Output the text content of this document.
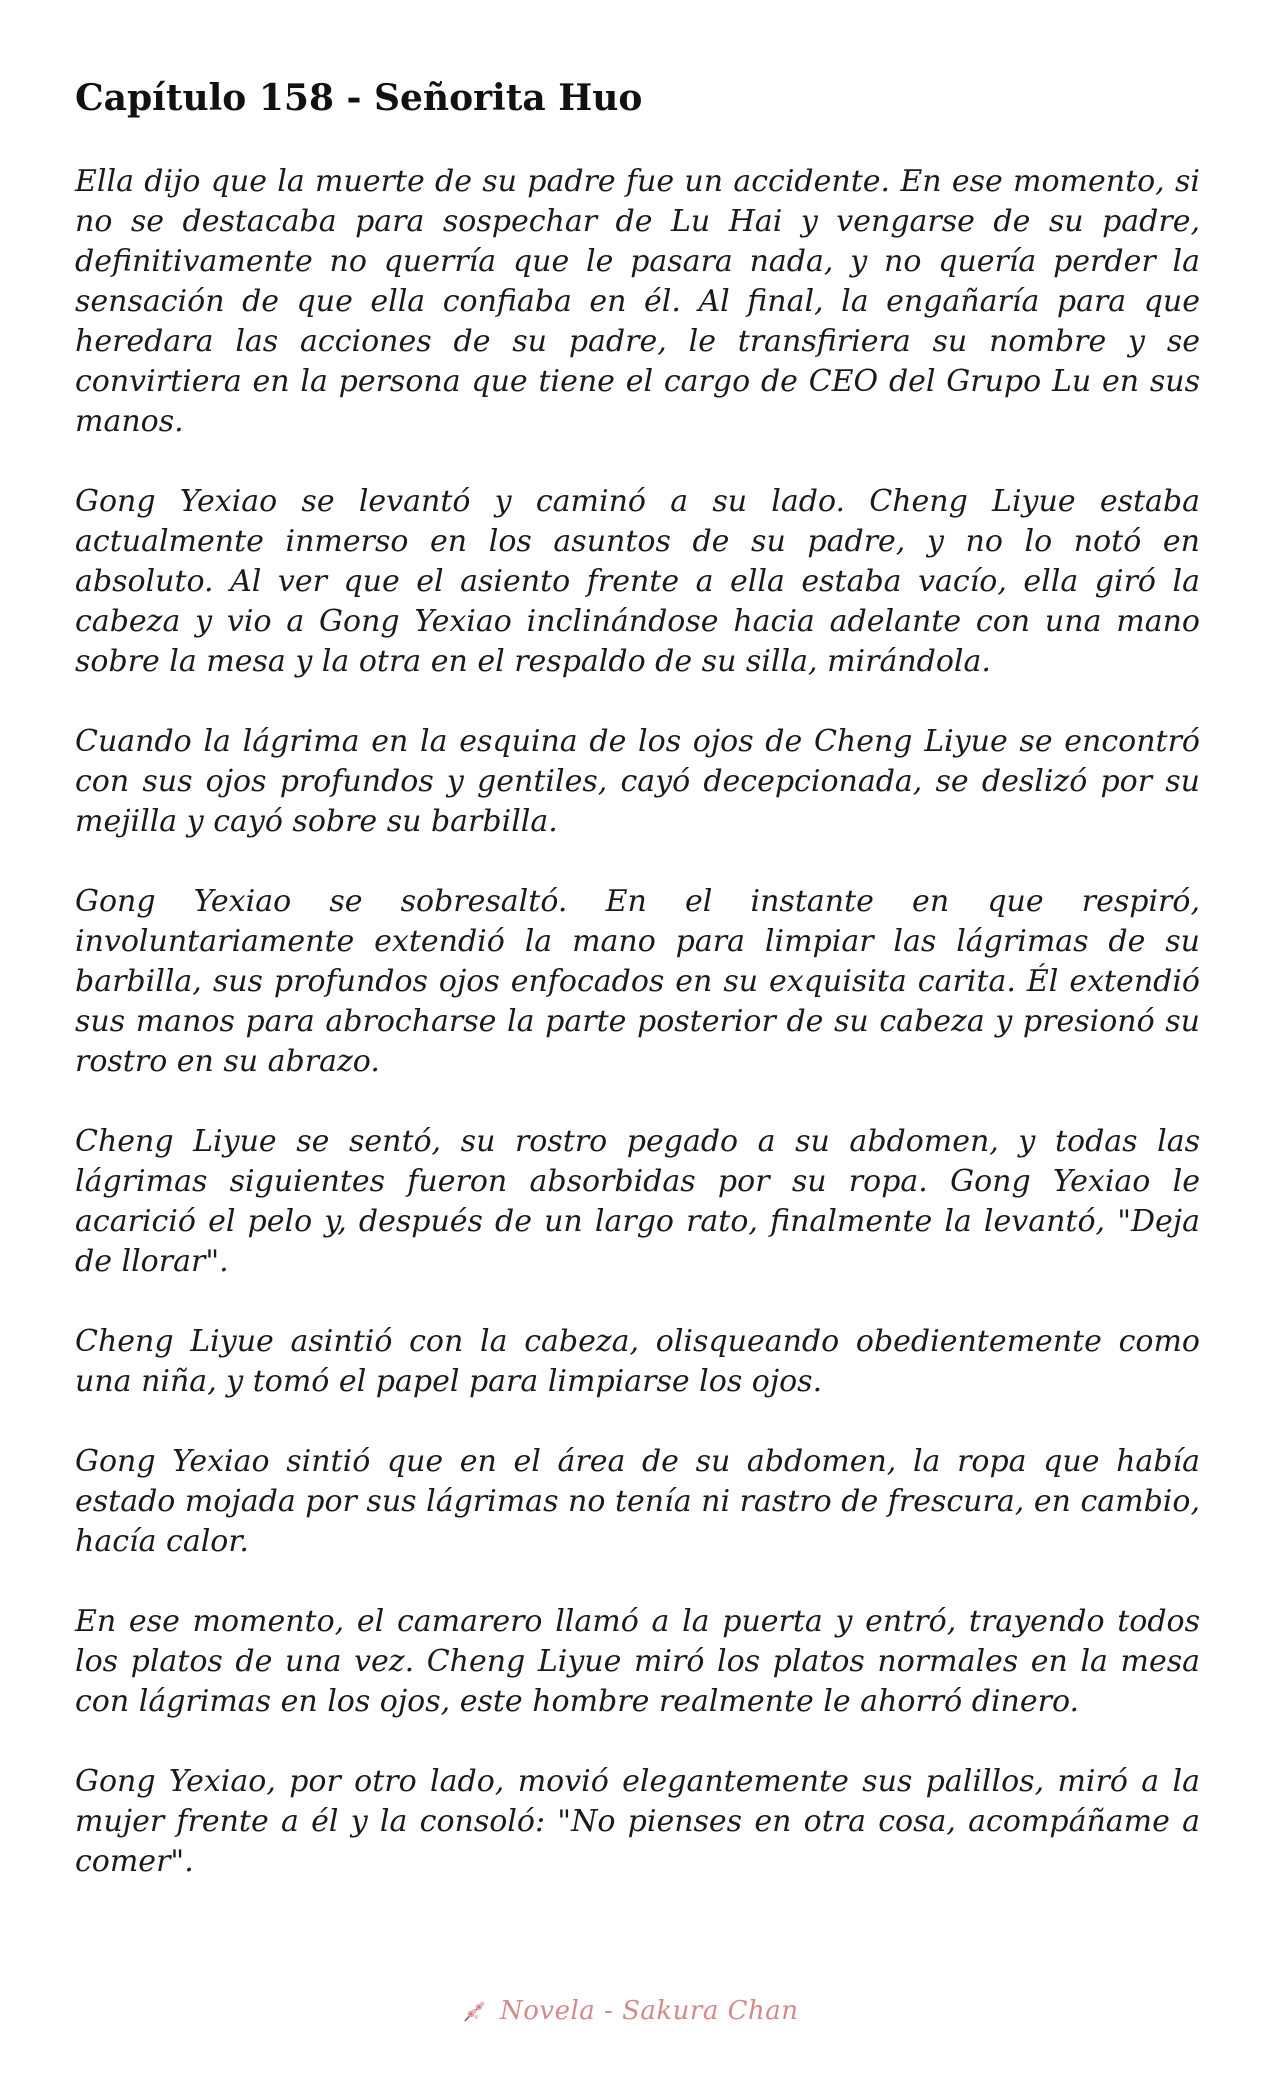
Capítulo 158 - Señorita Huo

Ella dijo que la muerte de su padre fue un accidente. En ese momento, si no se destacaba para sospechar de Lu Hai y vengarse de su padre, definitivamente no querría que le pasara nada, y no quería perder la sensación de que ella confiaba en él. Al final, la engañaría para que heredara las acciones de su padre, le transfiriera su nombre y se convirtiera en la persona que tiene el cargo de CEO del Grupo Lu en sus manos.

Gong Yexiao se levantó y caminó a su lado. Cheng Liyue estaba actualmente inmerso en los asuntos de su padre, y no lo notó en absoluto. Al ver que el asiento frente a ella estaba vacío, ella giró la cabeza y vio a Gong Yexiao inclinándose hacia adelante con una mano sobre la mesa y la otra en el respaldo de su silla, mirándola.

Cuando la lágrima en la esquina de los ojos de Cheng Liyue se encontró con sus ojos profundos y gentiles, cayó decepcionada, se deslizó por su mejilla y cayó sobre su barbilla.

Gong Yexiao se sobresaltó. En el instante en que respiró, involuntariamente extendió la mano para limpiar las lágrimas de su barbilla, sus profundos ojos enfocados en su exquisita carita. Él extendió sus manos para abrocharse la parte posterior de su cabeza y presionó su rostro en su abrazo.

Cheng Liyue se sentó, su rostro pegado a su abdomen, y todas las lágrimas siguientes fueron absorbidas por su ropa. Gong Yexiao le acarició el pelo y, después de un largo rato, finalmente la levantó, "Deja de llorar".

Cheng Liyue asintió con la cabeza, olisqueando obedientemente como una niña, y tomó el papel para limpiarse los ojos.

Gong Yexiao sintió que en el área de su abdomen, la ropa que había estado mojada por sus lágrimas no tenía ni rastro de frescura, en cambio, hacía calor.

En ese momento, el camarero llamó a la puerta y entró, trayendo todos los platos de una vez. Cheng Liyue miró los platos normales en la mesa con lágrimas en los ojos, este hombre realmente le ahorró dinero.

Gong Yexiao, por otro lado, movió elegantemente sus palillos, miró a la mujer frente a él y la consoló: "No pienses en otra cosa, acompáñame a comer".

Novela - Sakura Chan
